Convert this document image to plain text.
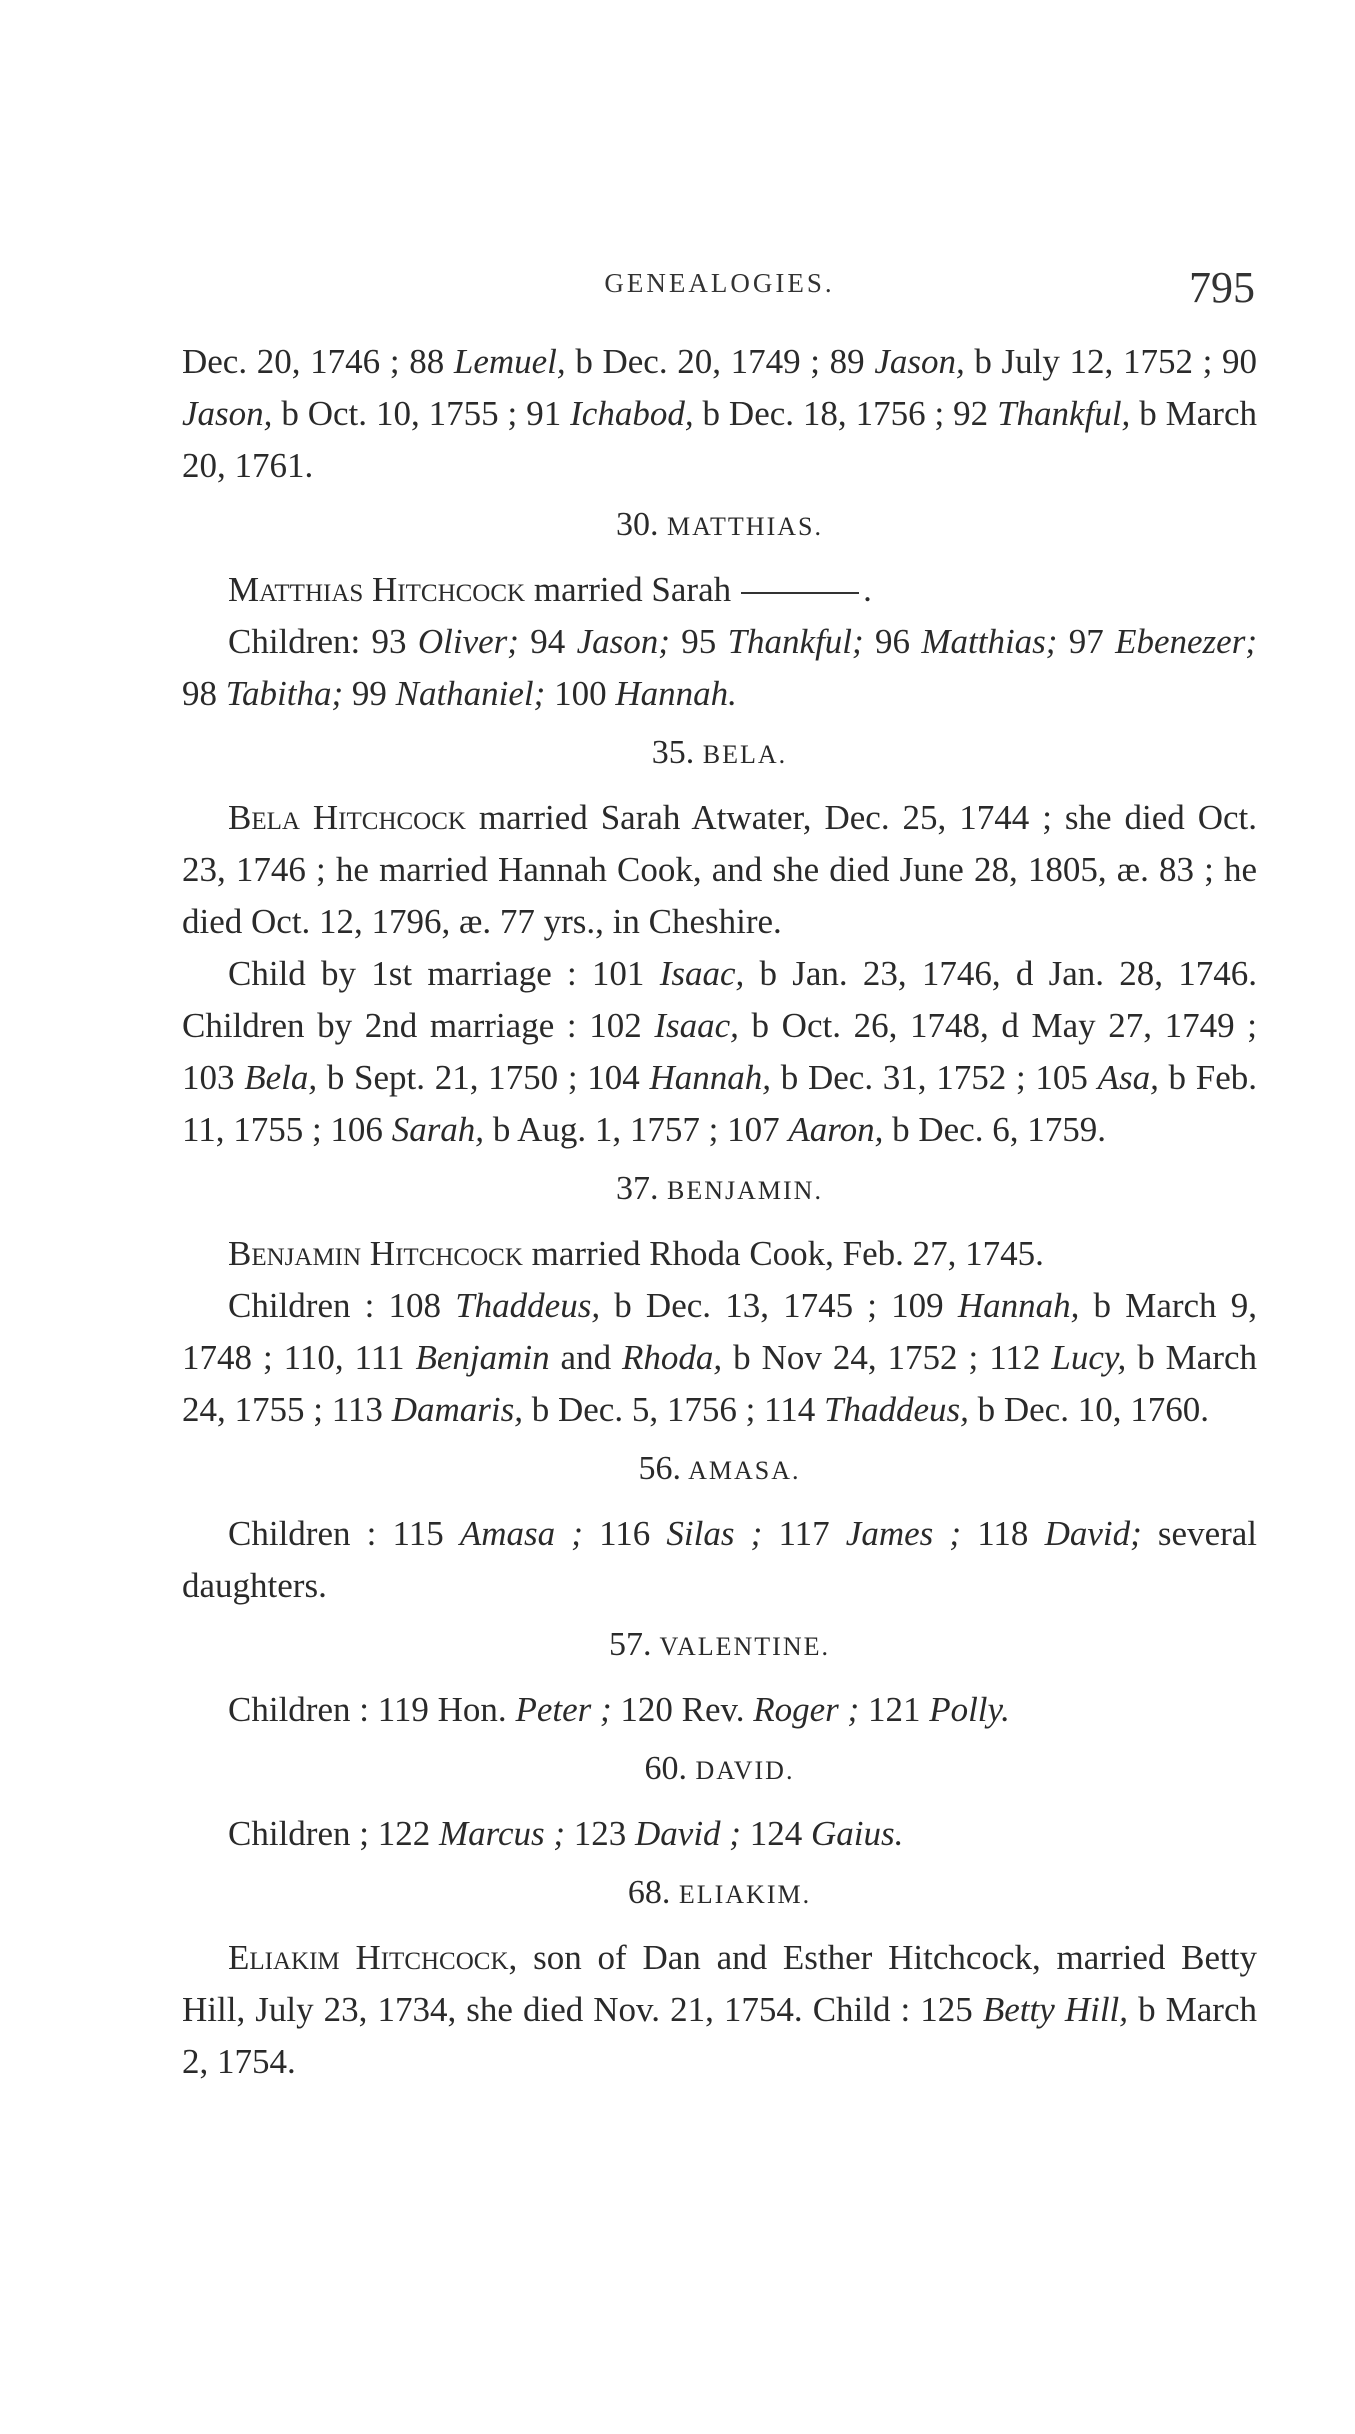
GENEALOGIES.	795

Dec. 20, 1746 ; 88 Lemuel, b Dec. 20, 1749 ; 89 Jason, b July 12, 1752 ; 90 Jason, b Oct. 10, 1755 ; 91 Ichabod, b Dec. 18, 1756 ; 92 Thankful, b March 20, 1761.

30. MATTHIAS.

Matthias Hitchcock married Sarah	.

Children: 93 Oliver; 94 Jason; 95 Thankful; 96 Matthias; 97 Ebenezer; 98 Tabitha; 99 Nathaniel; 100 Hannah.

35. BELA.

Bela Hitchcock married Sarah Atwater, Dec. 25, 1744 ; she died Oct. 23, 1746 ; he married Hannah Cook, and she died June 28, 1805, æ. 83 ; he died Oct. 12, 1796, æ. 77 yrs., in Cheshire.

Child by 1st marriage : 101 Isaac, b Jan. 23, 1746, d Jan. 28, 1746. Children by 2nd marriage : 102 Isaac, b Oct. 26, 1748, d May 27, 1749 ; 103 Bela, b Sept. 21, 1750 ; 104 Hannah, b Dec. 31, 1752 ; 105 Asa, b Feb. 11, 1755 ; 106 Sarah, b Aug. 1, 1757 ; 107 Aaron, b Dec. 6, 1759.

37. BENJAMIN.

Benjamin Hitchcock married Rhoda Cook, Feb. 27, 1745.

Children : 108 Thaddeus, b Dec. 13, 1745 ; 109 Hannah, b March 9, 1748 ; 110, 111 Benjamin and Rhoda, b Nov 24, 1752 ; 112 Lucy, b March 24, 1755 ; 113 Damaris, b Dec. 5, 1756 ; 114 Thaddeus, b Dec. 10, 1760.

56. AMASA.

Children : 115 Amasa ; 116 Silas ; 117 James ; 118 David; several daughters.

57. VALENTINE.

Children : 119 Hon. Peter ; 120 Rev. Roger ; 121 Polly.

60. DAVID.

Children ; 122 Marcus ; 123 David ; 124 Gaius.

68. ELIAKIM.

Eliakim Hitchcock, son of Dan and Esther Hitchcock, married Betty Hill, July 23, 1734, she died Nov. 21, 1754. Child : 125 Betty Hill, b March 2, 1754.
